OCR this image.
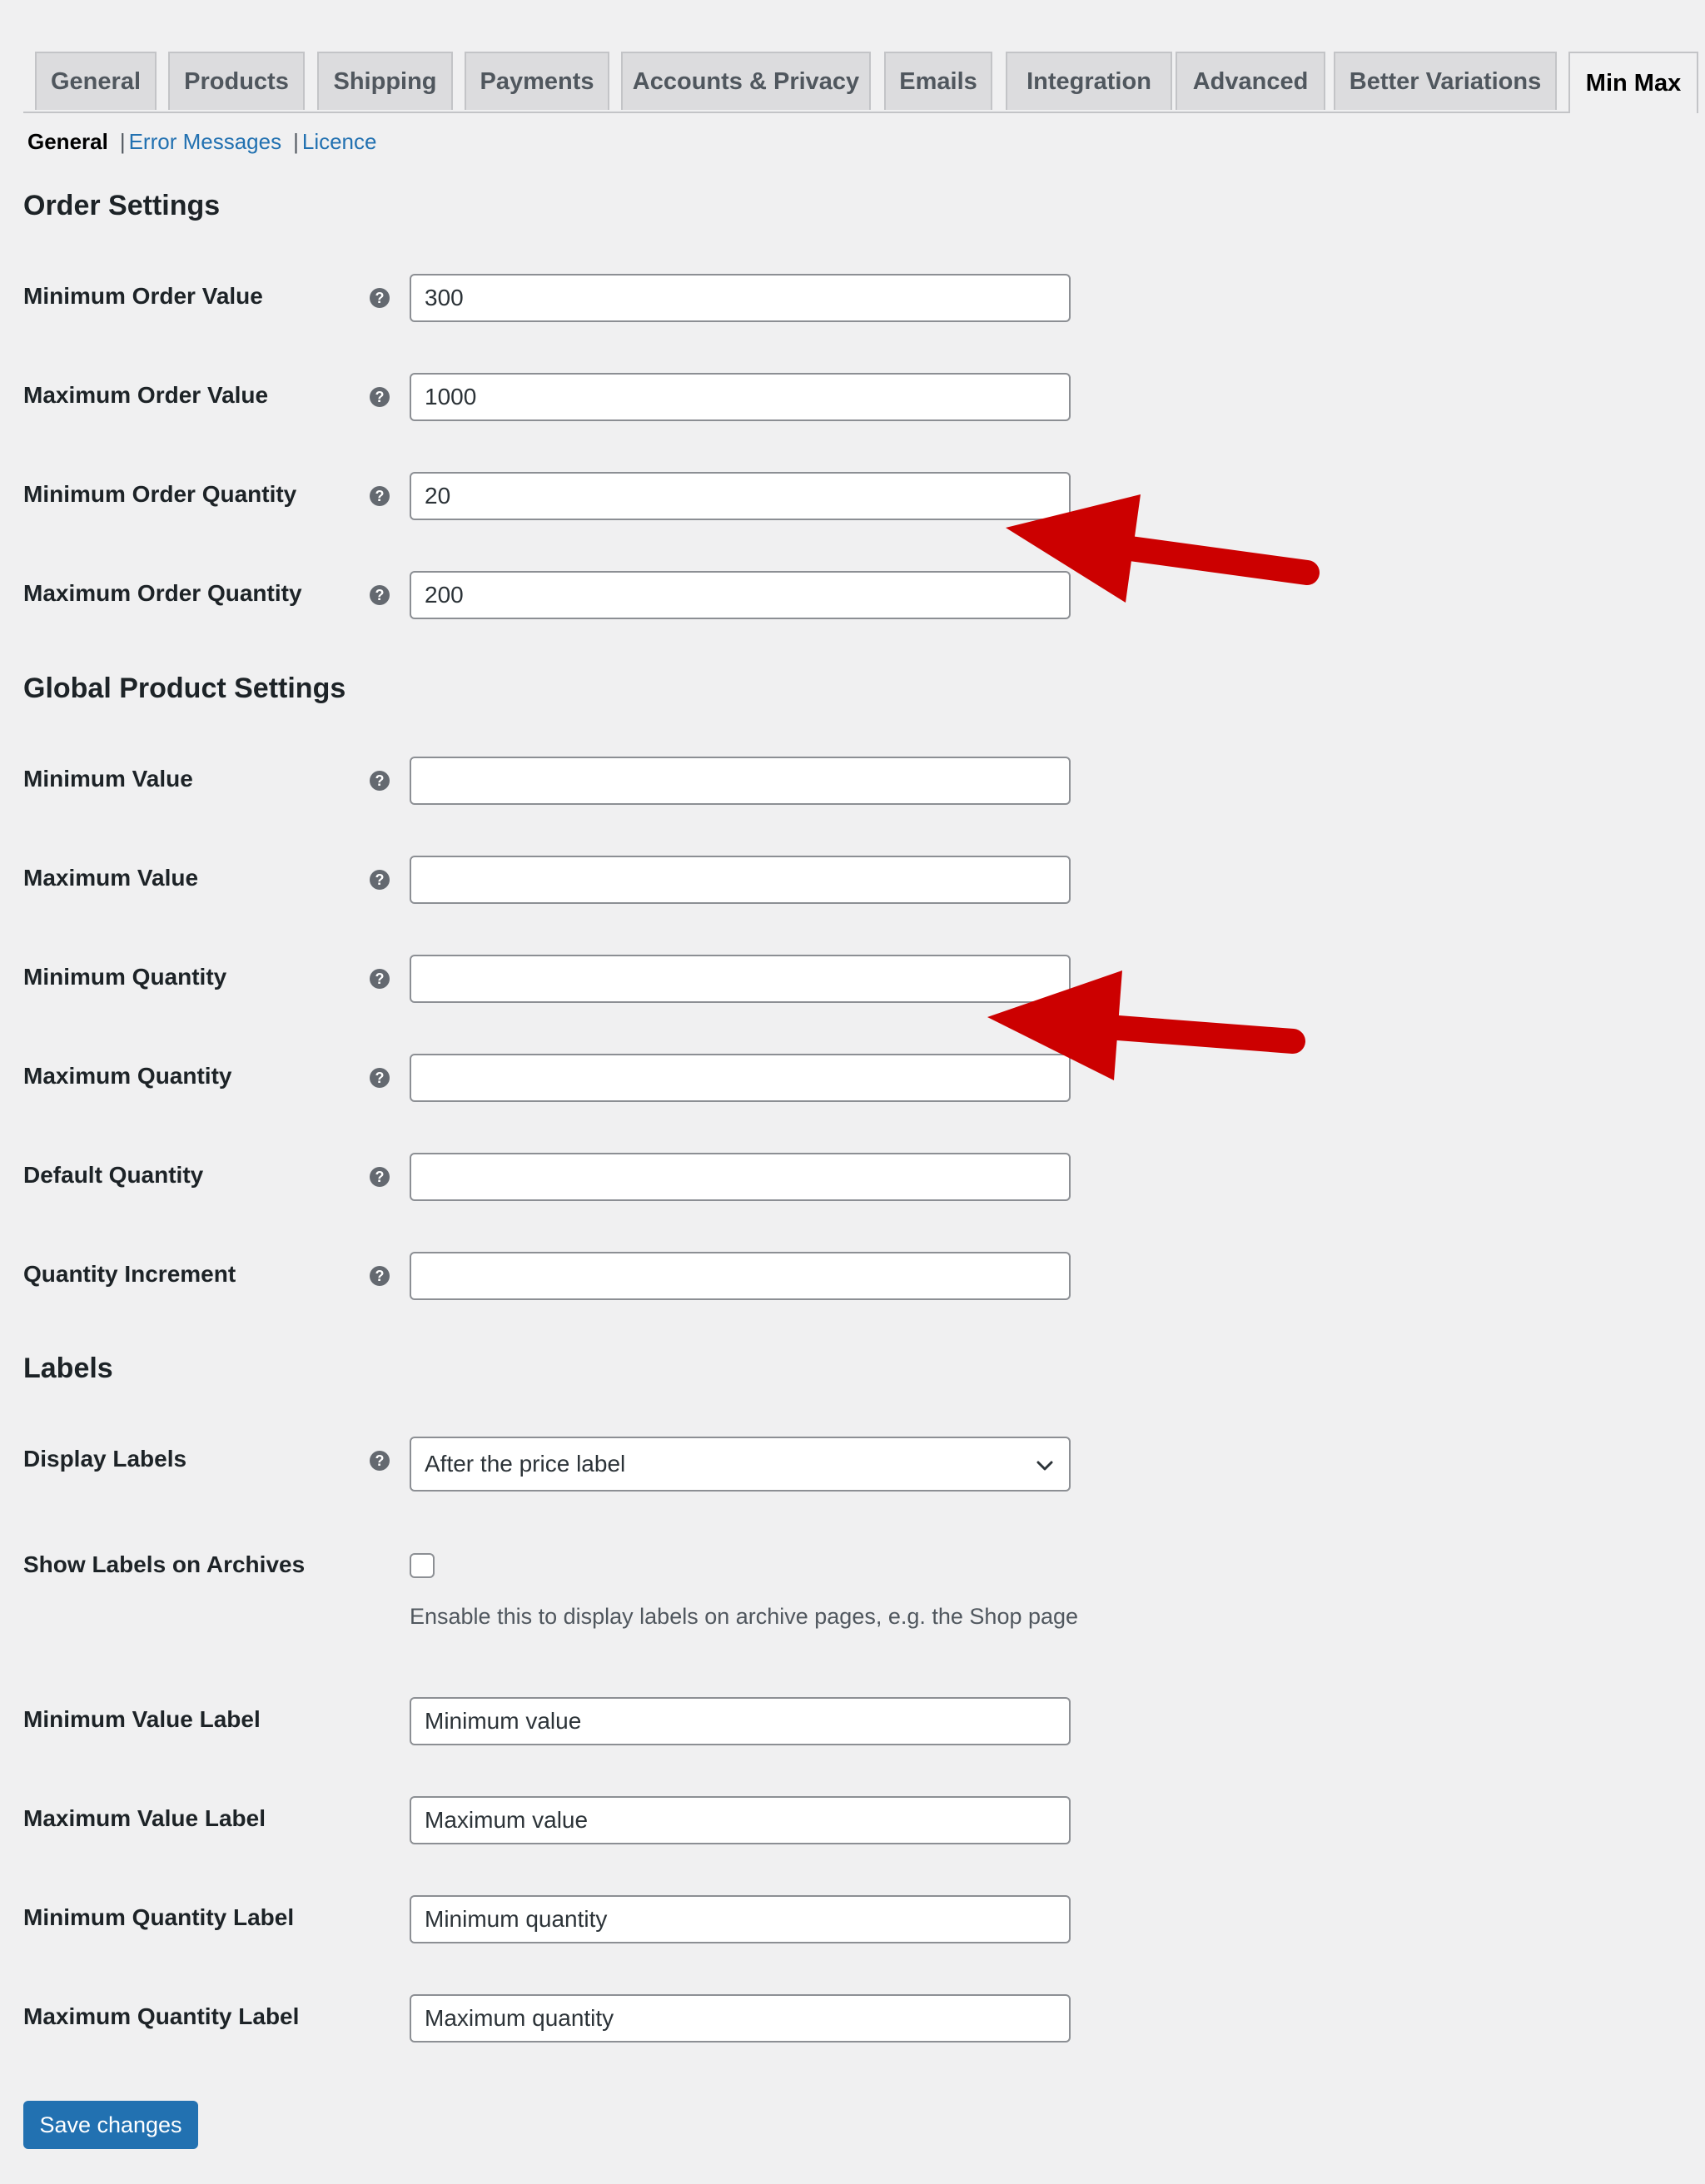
General	Products	Shipping	Payments	Accounts & Privacy	Emails	Integration	Advanced	Better Variations	Min Max
General | Error Messages | Licence
Order Settings
Minimum Order Value	?
300
Maximum Order Value	?
1000
Minimum Order Quantity	?
20
Maximum Order Quantity	?
200
Global Product Settings
Minimum Value	?
Maximum Value	?
Minimum Quantity	?
Maximum Quantity	?
Default Quantity	?
Quantity Increment	?
Labels
Display Labels	? After the price label
Show Labels on Archives
Ensable this to display labels on archive pages, e.g. the Shop page
Minimum Value Label
Minimum value
Maximum Value Label
Maximum value
Minimum Quantity Label
Minimum quantity
Maximum Quantity Label
Maximum quantity
Save changes
